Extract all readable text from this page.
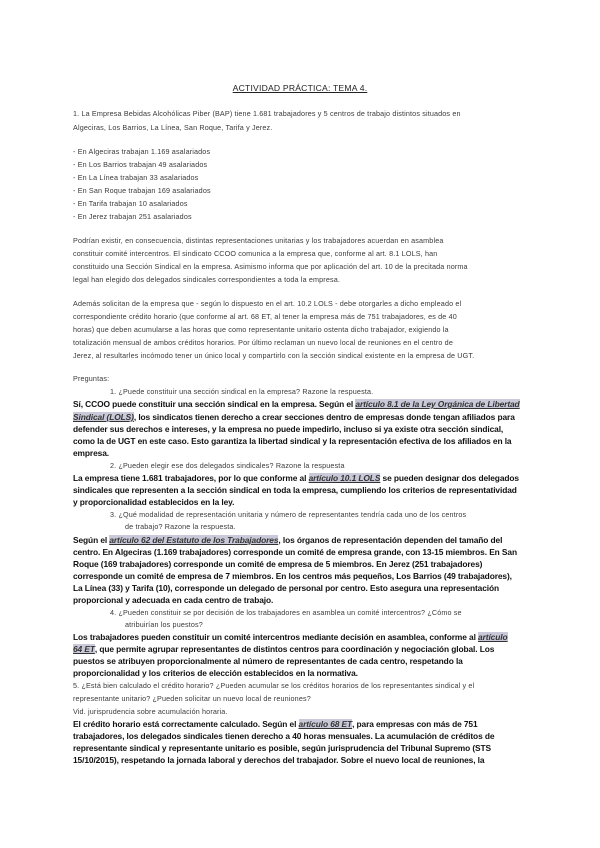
ACTIVIDAD PRÁCTICA: TEMA 4.
1. La Empresa Bebidas Alcohólicas Piber (BAP) tiene 1.681 trabajadores y 5 centros de trabajo distintos situados en
Algeciras, Los Barrios, La Línea, San Roque, Tarifa y Jerez.
- En Algeciras trabajan 1.169 asalariados
- En Los Barrios trabajan 49 asalariados
- En La Línea trabajan 33 asalariados
- En San Roque trabajan 169 asalariados
- En Tarifa trabajan 10 asalariados
- En Jerez trabajan 251 asalariados
Podrían existir, en consecuencia, distintas representaciones unitarias y los trabajadores acuerdan en asamblea
constituir comité intercentros. El sindicato CCOO comunica a la empresa que, conforme al art. 8.1 LOLS, han
constituido una Sección Sindical en la empresa. Asimismo informa que por aplicación del art. 10 de la precitada norma
legal han elegido dos delegados sindicales correspondientes a toda la empresa.
Además solicitan de la empresa que - según lo dispuesto en el art. 10.2 LOLS - debe otorgarles a dicho empleado el
correspondiente crédito horario (que conforme al art. 68 ET, al tener la empresa más de 751 trabajadores, es de 40
horas) que deben acumularse a las horas que como representante unitario ostenta dicho trabajador, exigiendo la
totalización mensual de ambos créditos horarios. Por último reclaman un nuevo local de reuniones en el centro de
Jerez, al resultarles incómodo tener un único local y compartirlo con la sección sindical existente en la empresa de UGT.
Preguntas:
1. ¿Puede constituir una sección sindical en la empresa? Razone la respuesta.
Sí, CCOO puede constituir una sección sindical en la empresa. Según el artículo 8.1 de la Ley Orgánica de Libertad
Sindical (LOLS), los sindicatos tienen derecho a crear secciones dentro de empresas donde tengan afiliados para
defender sus derechos e intereses, y la empresa no puede impedirlo, incluso si ya existe otra sección sindical,
como la de UGT en este caso. Esto garantiza la libertad sindical y la representación efectiva de los afiliados en la
empresa.
2. ¿Pueden elegir ese dos delegados sindicales? Razone la respuesta
La empresa tiene 1.681 trabajadores, por lo que conforme al artículo 10.1 LOLS se pueden designar dos delegados
sindicales que representen a la sección sindical en toda la empresa, cumpliendo los criterios de representatividad
y proporcionalidad establecidos en la ley.
3. ¿Qué modalidad de representación unitaria y número de representantes tendría cada uno de los centros
de trabajo? Razone la respuesta.
Según el artículo 62 del Estatuto de los Trabajadores, los órganos de representación dependen del tamaño del
centro. En Algeciras (1.169 trabajadores) corresponde un comité de empresa grande, con 13-15 miembros. En San
Roque (169 trabajadores) corresponde un comité de empresa de 5 miembros. En Jerez (251 trabajadores)
corresponde un comité de empresa de 7 miembros. En los centros más pequeños, Los Barrios (49 trabajadores),
La Línea (33) y Tarifa (10), corresponde un delegado de personal por centro. Esto asegura una representación
proporcional y adecuada en cada centro de trabajo.
4. ¿Pueden constituir se por decisión de los trabajadores en asamblea un comité intercentros? ¿Cómo se
atribuirían los puestos?
Los trabajadores pueden constituir un comité intercentros mediante decisión en asamblea, conforme al artículo
64 ET, que permite agrupar representantes de distintos centros para coordinación y negociación global. Los
puestos se atribuyen proporcionalmente al número de representantes de cada centro, respetando la
proporcionalidad y los criterios de elección establecidos en la normativa.
5. ¿Está bien calculado el crédito horario? ¿Pueden acumular se los créditos horarios de los representantes sindical y el
representante unitario? ¿Pueden solicitar un nuevo local de reuniones?
Vid. jurisprudencia sobre acumulación horaria.
El crédito horario está correctamente calculado. Según el artículo 68 ET, para empresas con más de 751
trabajadores, los delegados sindicales tienen derecho a 40 horas mensuales. La acumulación de créditos de
representante sindical y representante unitario es posible, según jurisprudencia del Tribunal Supremo (STS
15/10/2015), respetando la jornada laboral y derechos del trabajador. Sobre el nuevo local de reuniones, la
